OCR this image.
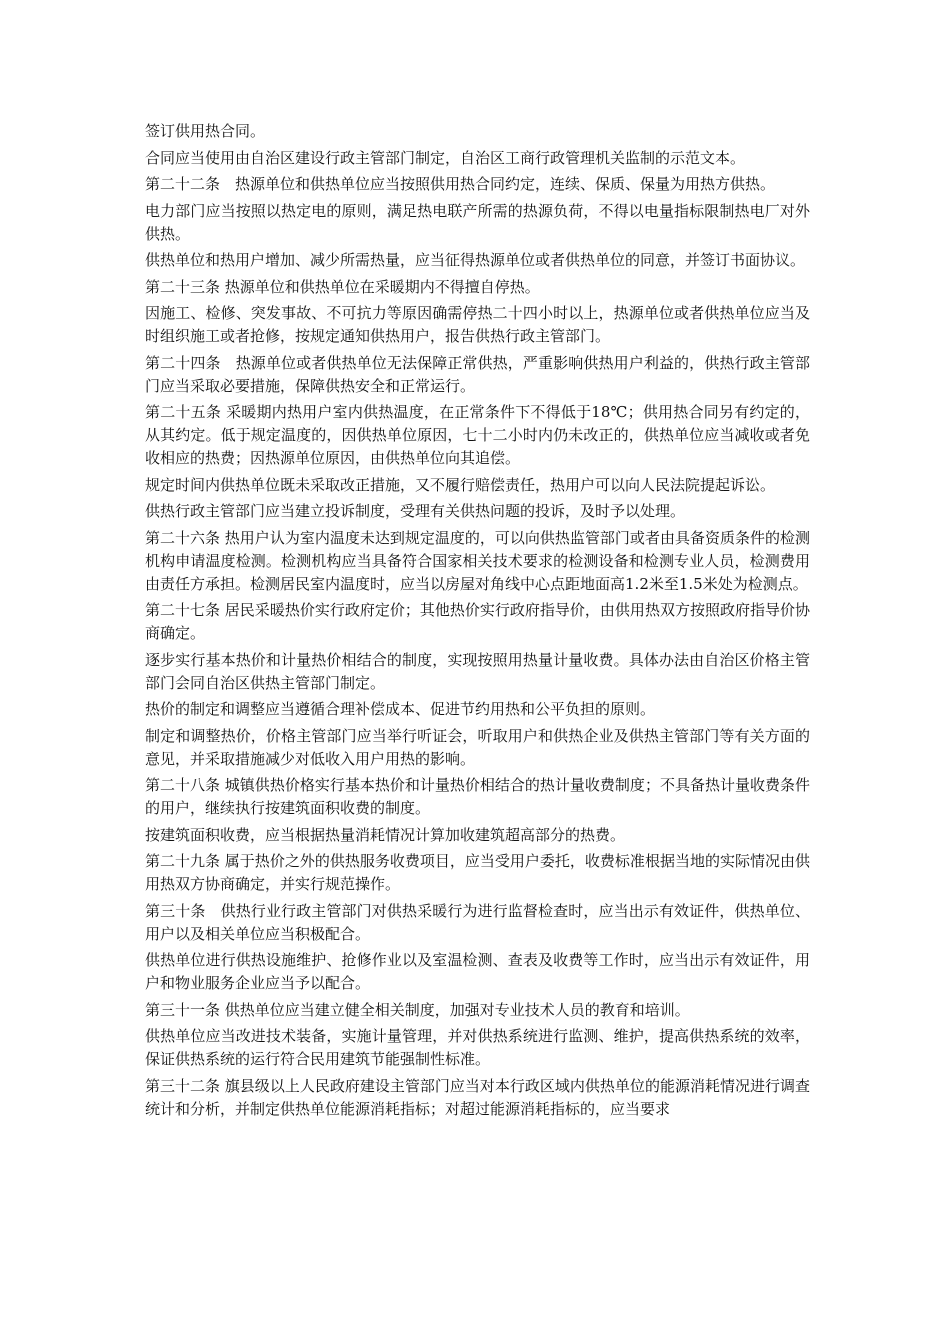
签订供用热合同。

合同应当使用由自治区建设行政主管部门制定，自治区工商行政管理机关监制的示范文本。

第二十二条　热源单位和供热单位应当按照供用热合同约定，连续、保质、保量为用热方供热。

电力部门应当按照以热定电的原则，满足热电联产所需的热源负荷，不得以电量指标限制热电厂对外供热。

供热单位和热用户增加、减少所需热量，应当征得热源单位或者供热单位的同意，并签订书面协议。

第二十三条 热源单位和供热单位在采暖期内不得擅自停热。

因施工、检修、突发事故、不可抗力等原因确需停热二十四小时以上，热源单位或者供热单位应当及时组织施工或者抢修，按规定通知供热用户，报告供热行政主管部门。

第二十四条　热源单位或者供热单位无法保障正常供热，严重影响供热用户利益的，供热行政主管部门应当采取必要措施，保障供热安全和正常运行。

第二十五条 采暖期内热用户室内供热温度，在正常条件下不得低于18℃；供用热合同另有约定的，从其约定。低于规定温度的，因供热单位原因，七十二小时内仍未改正的，供热单位应当减收或者免收相应的热费；因热源单位原因，由供热单位向其追偿。

规定时间内供热单位既未采取改正措施，又不履行赔偿责任，热用户可以向人民法院提起诉讼。

供热行政主管部门应当建立投诉制度，受理有关供热问题的投诉，及时予以处理。

第二十六条 热用户认为室内温度未达到规定温度的，可以向供热监管部门或者由具备资质条件的检测机构申请温度检测。检测机构应当具备符合国家相关技术要求的检测设备和检测专业人员，检测费用由责任方承担。检测居民室内温度时，应当以房屋对角线中心点距地面高1.2米至1.5米处为检测点。

第二十七条 居民采暖热价实行政府定价；其他热价实行政府指导价，由供用热双方按照政府指导价协商确定。

逐步实行基本热价和计量热价相结合的制度，实现按照用热量计量收费。具体办法由自治区价格主管部门会同自治区供热主管部门制定。

热价的制定和调整应当遵循合理补偿成本、促进节约用热和公平负担的原则。

制定和调整热价，价格主管部门应当举行听证会，听取用户和供热企业及供热主管部门等有关方面的意见，并采取措施减少对低收入用户用热的影响。

第二十八条 城镇供热价格实行基本热价和计量热价相结合的热计量收费制度；不具备热计量收费条件的用户，继续执行按建筑面积收费的制度。

按建筑面积收费，应当根据热量消耗情况计算加收建筑超高部分的热费。

第二十九条 属于热价之外的供热服务收费项目，应当受用户委托，收费标准根据当地的实际情况由供用热双方协商确定，并实行规范操作。

第三十条　供热行业行政主管部门对供热采暖行为进行监督检查时，应当出示有效证件，供热单位、用户以及相关单位应当积极配合。

供热单位进行供热设施维护、抢修作业以及室温检测、查表及收费等工作时，应当出示有效证件，用户和物业服务企业应当予以配合。

第三十一条 供热单位应当建立健全相关制度，加强对专业技术人员的教育和培训。

供热单位应当改进技术装备，实施计量管理，并对供热系统进行监测、维护，提高供热系统的效率，保证供热系统的运行符合民用建筑节能强制性标准。

第三十二条 旗县级以上人民政府建设主管部门应当对本行政区域内供热单位的能源消耗情况进行调查统计和分析，并制定供热单位能源消耗指标；对超过能源消耗指标的，应当要求
